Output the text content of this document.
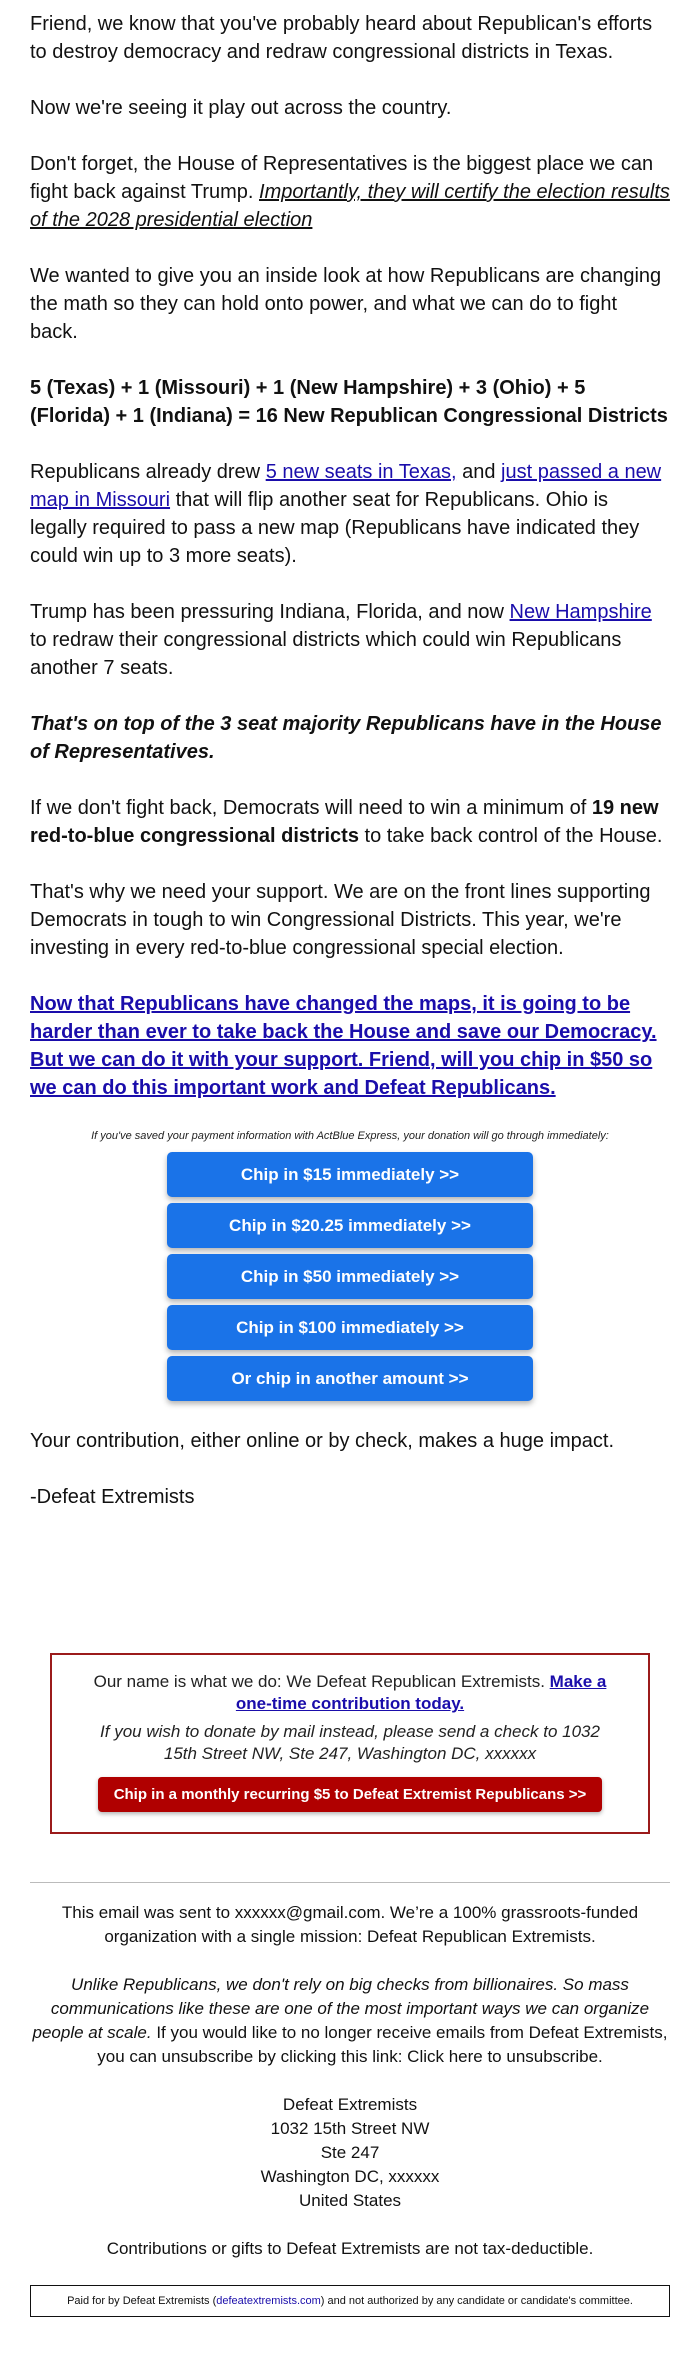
Friend, we know that you've probably heard about Republican's efforts to destroy democracy and redraw congressional districts in Texas.

Now we're seeing it play out across the country.

Don't forget, the House of Representatives is the biggest place we can fight back against Trump. Importantly, they will certify the election results of the 2028 presidential election

We wanted to give you an inside look at how Republicans are changing the math so they can hold onto power, and what we can do to fight back.

5 (Texas) + 1 (Missouri) + 1 (New Hampshire) + 3 (Ohio) + 5 (Florida) + 1 (Indiana) = 16 New Republican Congressional Districts

Republicans already drew 5 new seats in Texas, and just passed a new map in Missouri that will flip another seat for Republicans. Ohio is legally required to pass a new map (Republicans have indicated they could win up to 3 more seats).

Trump has been pressuring Indiana, Florida, and now New Hampshire to redraw their congressional districts which could win Republicans another 7 seats.

That's on top of the 3 seat majority Republicans have in the House of Representatives.

If we don't fight back, Democrats will need to win a minimum of 19 new red-to-blue congressional districts to take back control of the House.

That's why we need your support. We are on the front lines supporting Democrats in tough to win Congressional Districts. This year, we're investing in every red-to-blue congressional special election.

Now that Republicans have changed the maps, it is going to be harder than ever to take back the House and save our Democracy. But we can do it with your support. Friend, will you chip in $50 so we can do this important work and Defeat Republicans.

If you've saved your payment information with ActBlue Express, your donation will go through immediately:

Chip in $15 immediately >>
Chip in $20.25 immediately >>
Chip in $50 immediately >>
Chip in $100 immediately >>
Or chip in another amount >>

Your contribution, either online or by check, makes a huge impact.

-Defeat Extremists

Our name is what we do: We Defeat Republican Extremists. Make a one-time contribution today.

If you wish to donate by mail instead, please send a check to 1032 15th Street NW, Ste 247, Washington DC, xxxxxx

Chip in a monthly recurring $5 to Defeat Extremist Republicans >>

This email was sent to xxxxxx@gmail.com. We’re a 100% grassroots-funded organization with a single mission: Defeat Republican Extremists.

Unlike Republicans, we don't rely on big checks from billionaires. So mass communications like these are one of the most important ways we can organize people at scale. If you would like to no longer receive emails from Defeat Extremists, you can unsubscribe by clicking this link: Click here to unsubscribe.

Defeat Extremists
1032 15th Street NW
Ste 247
Washington DC, xxxxxx
United States

Contributions or gifts to Defeat Extremists are not tax-deductible.

Paid for by Defeat Extremists (defeatextremists.com) and not authorized by any candidate or candidate's committee.
